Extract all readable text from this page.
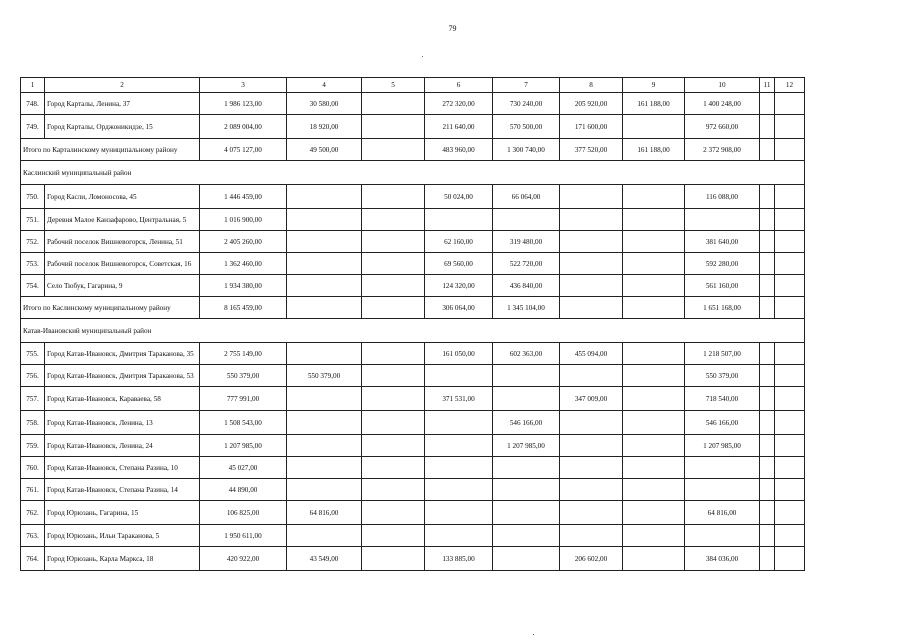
79
1	2	3	4	5	6	7	8	9	10	11	12
748.	Город Карталы, Ленина, 37	1 986 123,00	30 580,00		272 320,00	730 240,00	205 920,00	161 188,00	1 400 248,00		
749.	Город Карталы, Орджоникидзе, 15	2 089 004,00	18 920,00		211 640,00	570 500,00	171 600,00		972 660,00		
Итого по Карталинскому муниципальному району		4 075 127,00	49 500,00		483 960,00	1 300 740,00	377 520,00	161 188,00	2 372 908,00		
Каслинский муниципальный район											
750.	Город Касли, Ломоносова, 45	1 446 459,00			50 024,00	66 064,00			116 088,00		
751.	Деревня Малое Канзафарово, Центральная, 5	1 016 900,00									
752.	Рабочий поселок Вишневогорск, Ленина, 51	2 405 260,00			62 160,00	319 480,00			381 640,00		
753.	Рабочий поселок Вишневогорск, Советская, 16	1 362 460,00			69 560,00	522 720,00			592 280,00		
754.	Село Тюбук, Гагарина, 9	1 934 380,00			124 320,00	436 840,00			561 160,00		
Итого по Каслинскому муниципальному району		8 165 459,00			306 064,00	1 345 104,00			1 651 168,00		
Катав-Ивановский муниципальный район											
755.	Город Катав-Ивановск, Дмитрия Тараканова, 35	2 755 149,00			161 050,00	602 363,00	455 094,00		1 218 507,00		
756.	Город Катав-Ивановск, Дмитрия Тараканова, 53	550 379,00	550 379,00						550 379,00		
757.	Город Катав-Ивановск, Караваева, 58	777 991,00			371 531,00		347 009,00		718 540,00		
758.	Город Катав-Ивановск, Ленина, 13	1 508 543,00				546 166,00			546 166,00		
759.	Город Катав-Ивановск, Ленина, 24	1 207 985,00				1 207 985,00			1 207 985,00		
760.	Город Катав-Ивановск, Степана Разина, 10	45 027,00									
761.	Город Катав-Ивановск, Степана Разина, 14	44 890,00									
762.	Город Юрюзань, Гагарина, 15	106 825,00	64 816,00						64 816,00		
763.	Город Юрюзань, Ильи Тараканова, 5	1 950 611,00									
764.	Город Юрюзань, Карла Маркса, 18	420 922,00	43 549,00		133 885,00		206 602,00		384 036,00		
